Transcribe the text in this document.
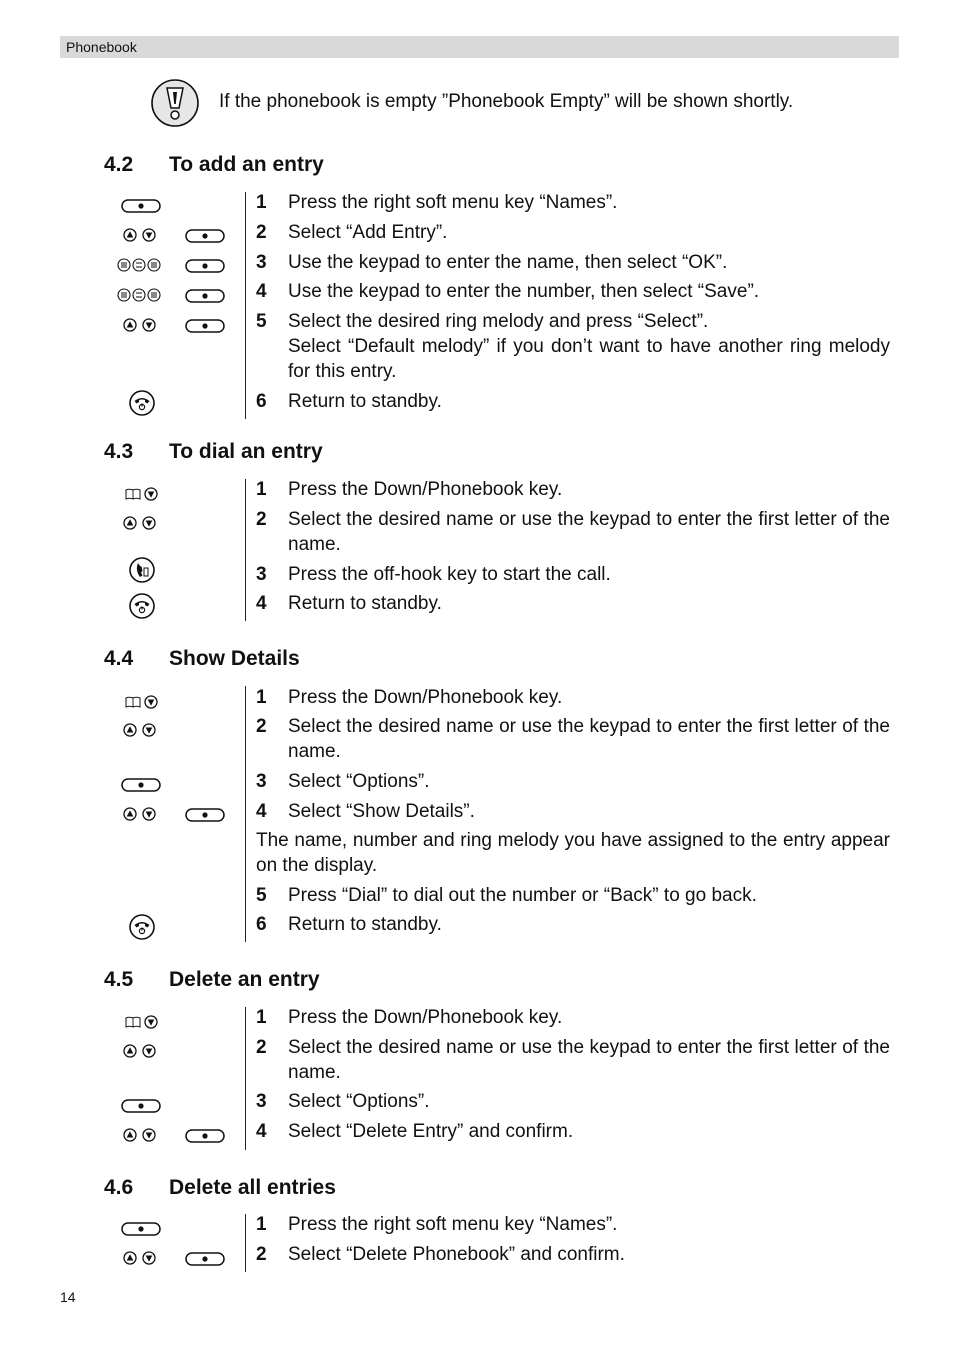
Phonebook
If the phonebook is empty ”Phonebook Empty” will be shown shortly.
4.2 To add an entry
1 Press the right soft menu key “Names”.
2 Select “Add Entry”.
3 Use the keypad to enter the name, then select “OK”.
4 Use the keypad to enter the number, then select “Save”.
5 Select the desired ring melody and press “Select”.
Select “Default melody” if you don’t want to have another ring melody for this entry.
6 Return to standby.
4.3 To dial an entry
1 Press the Down/Phonebook key.
2 Select the desired name or use the keypad to enter the first letter of the name.
3 Press the off-hook key to start the call.
4 Return to standby.
4.4 Show Details
1 Press the Down/Phonebook key.
2 Select the desired name or use the keypad to enter the first letter of the name.
3 Select “Options”.
4 Select “Show Details”.
The name, number and ring melody you have assigned to the entry appear on the display.
5 Press “Dial” to dial out the number or “Back” to go back.
6 Return to standby.
4.5 Delete an entry
1 Press the Down/Phonebook key.
2 Select the desired name or use the keypad to enter the first letter of the name.
3 Select “Options”.
4 Select “Delete Entry” and confirm.
4.6 Delete all entries
1 Press the right soft menu key “Names”.
2 Select “Delete Phonebook” and confirm.
14
